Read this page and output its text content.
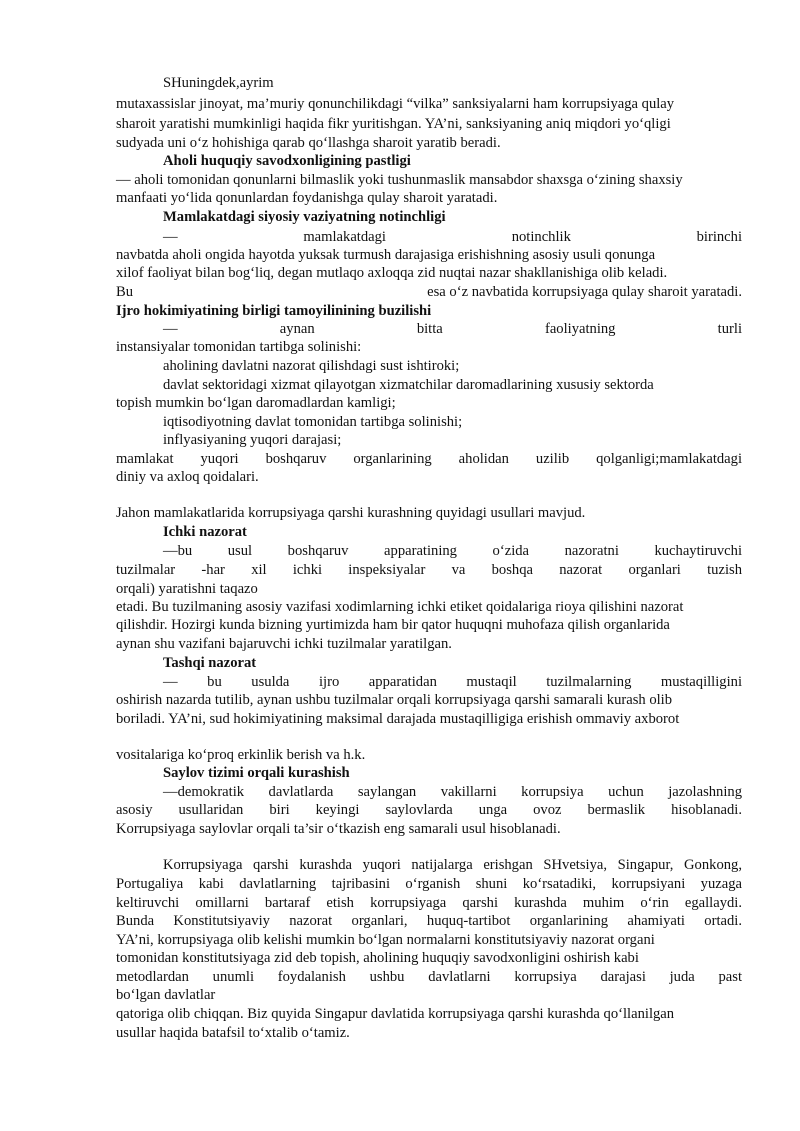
SHuningdek,ayrim
mutaxassislar jinoyat, ma’muriy qonunchilikdagi “vilka” sanksiyalarni ham korrupsiyaga qulay
sharoit yaratishi mumkinligi haqida fikr yuritishgan. YA’ni, sanksiyaning aniq miqdori yo‘qligi
sudyada uni o‘z hohishiga qarab qo‘llashga sharoit yaratib beradi.
Aholi huquqiy savodxonligining pastligi
— aholi tomonidan qonunlarni bilmaslik yoki tushunmaslik mansabdor shaxsga o‘zining shaxsiy
manfaati yo‘lida qonunlardan foydanishga qulay sharoit yaratadi.
Mamlakatdagi siyosiy vaziyatning notinchligi
— mamlakatdagi notinchlik birinchi
navbatda aholi ongida hayotda yuksak turmush darajasiga erishishning asosiy usuli qonunga
xilof faoliyat bilan bog‘liq, degan mutlaqo axloqqa zid nuqtai nazar shakllanishiga olib keladi.
Bu	esa o‘z navbatida korrupsiyaga qulay sharoit yaratadi.
Ijro hokimiyatining birligi tamoyilinining buzilishi
— aynan bitta faoliyatning turli
instansiyalar tomonidan tartibga solinishi:
aholining davlatni nazorat qilishdagi sust ishtiroki;
davlat sektoridagi xizmat qilayotgan xizmatchilar daromadlarining xususiy sektorda
topish mumkin bo‘lgan daromadlardan kamligi;
iqtisodiyotning davlat tomonidan tartibga solinishi;
inflyasiyaning yuqori darajasi;
mamlakat yuqori boshqaruv organlarining aholidan uzilib qolganligi;mamlakatdagi
diniy va axloq qoidalari.
Jahon mamlakatlarida korrupsiyaga qarshi kurashning quyidagi usullari mavjud.
Ichki nazorat
—bu usul boshqaruv apparatining o‘zida nazoratni kuchaytiruvchi
tuzilmalar -har xil ichki inspeksiyalar va boshqa nazorat organlari tuzish
orqali) yaratishni taqazo
etadi. Bu tuzilmaning asosiy vazifasi xodimlarning ichki etiket qoidalariga rioya qilishini nazorat
qilishdir. Hozirgi kunda bizning yurtimizda ham bir qator huquqni muhofaza qilish organlarida
aynan shu vazifani bajaruvchi ichki tuzilmalar yaratilgan.
Tashqi nazorat
— bu usulda ijro apparatidan mustaqil tuzilmalarning mustaqilligini
oshirish nazarda tutilib, aynan ushbu tuzilmalar orqali korrupsiyaga qarshi samarali kurash olib
boriladi. YA’ni, sud hokimiyatining maksimal darajada mustaqilligiga erishish ommaviy axborot
vositalariga ko‘proq erkinlik berish va h.k.
Saylov tizimi orqali kurashish
—demokratik davlatlarda saylangan vakillarni korrupsiya uchun jazolashning
asosiy usullaridan biri keyingi saylovlarda unga ovoz bermaslik hisoblanadi.
Korrupsiyaga saylovlar orqali ta’sir o‘tkazish eng samarali usul hisoblanadi.
Korrupsiyaga qarshi kurashda yuqori natijalarga erishgan SHvetsiya, Singapur, Gonkong,
Portugaliya kabi davlatlarning tajribasini o‘rganish shuni ko‘rsatadiki, korrupsiyani yuzaga
keltiruvchi omillarni bartaraf etish korrupsiyaga qarshi kurashda muhim o‘rin egallaydi.
Bunda Konstitutsiyaviy nazorat organlari, huquq-tartibot organlarining ahamiyati ortadi.
YA’ni, korrupsiyaga olib kelishi mumkin bo‘lgan normalarni konstitutsiyaviy nazorat organi
tomonidan konstitutsiyaga zid deb topish, aholining huquqiy savodxonligini oshirish kabi
metodlardan unumli foydalanish ushbu davlatlarni korrupsiya darajasi juda past
bo‘lgan davlatlar
qatoriga olib chiqqan. Biz quyida Singapur davlatida korrupsiyaga qarshi kurashda qo‘llanilgan
usullar haqida batafsil to‘xtalib o‘tamiz.
